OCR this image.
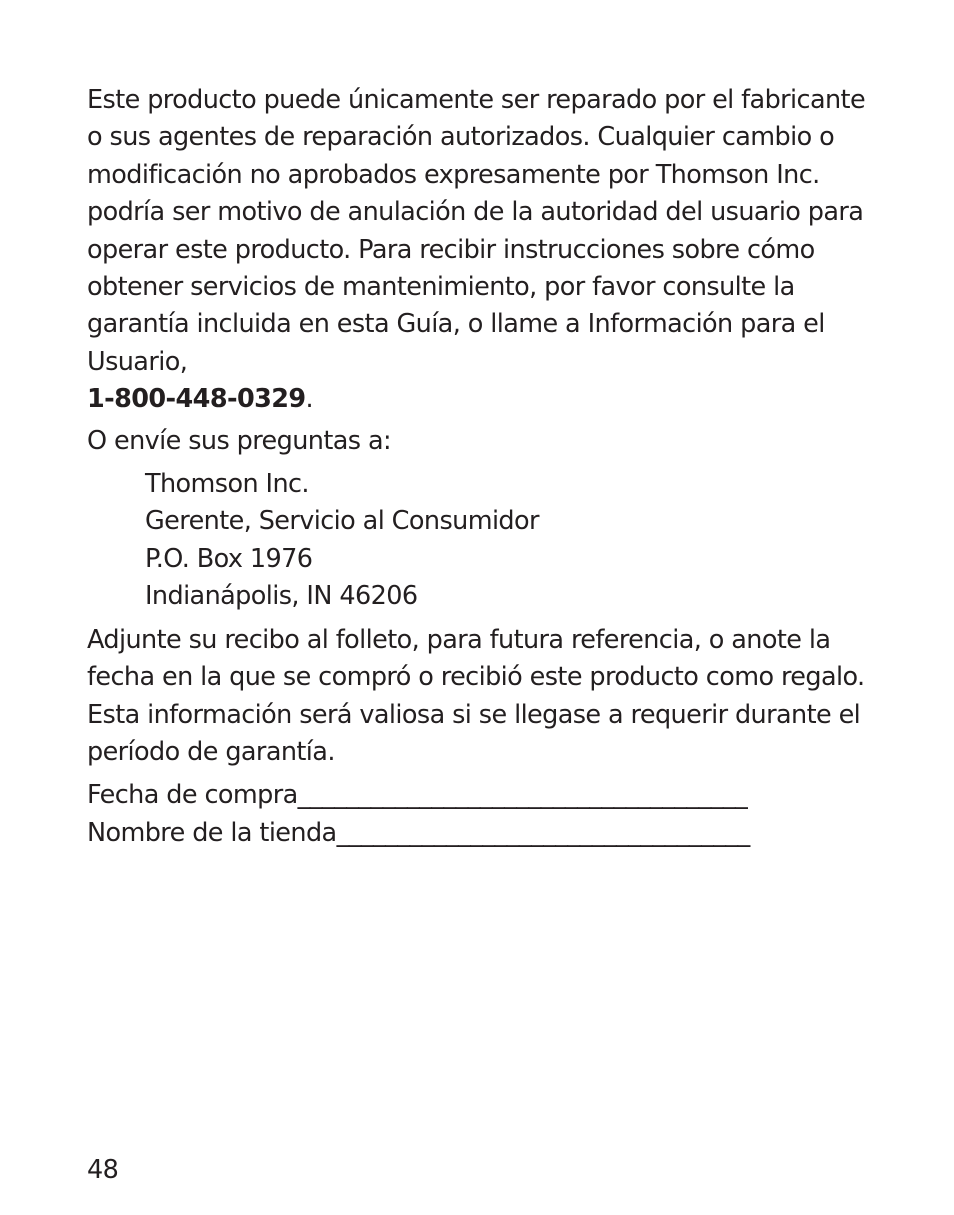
Este producto puede únicamente ser reparado por el fabricante o sus agentes de reparación autorizados. Cualquier cambio o modificación no aprobados expresamente por Thomson Inc. podría ser motivo de anulación de la autoridad del usuario para operar este producto. Para recibir instrucciones sobre cómo obtener servicios de mantenimiento, por favor consulte la garantía incluida en esta Guía, o llame a Información para el Usuario,
1-800-448-0329.

O envíe sus preguntas a:

Thomson Inc.
Gerente, Servicio al Consumidor
P.O. Box 1976
Indianápolis, IN 46206

Adjunte su recibo al folleto, para futura referencia, o anote la fecha en la que se compró o recibió este producto como regalo. Esta información será valiosa si se llegase a requerir durante el período de garantía.

Fecha de compra_____________________________________
Nombre de la tienda__________________________________
48
